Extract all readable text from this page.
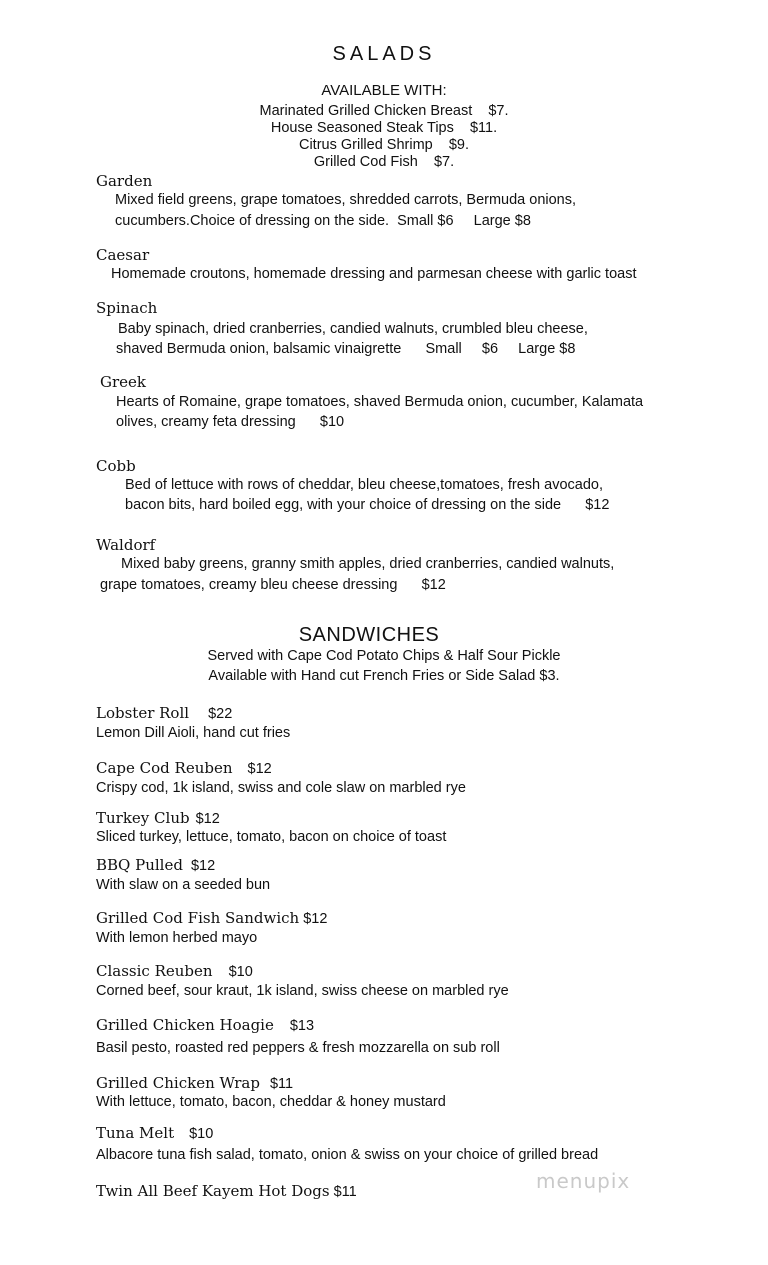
SALADS
AVAILABLE WITH:
Marinated Grilled Chicken Breast    $7.
House Seasoned Steak Tips    $11.
Citrus Grilled Shrimp    $9.
Grilled Cod Fish    $7.
Garden
Mixed field greens, grape tomatoes, shredded carrots, Bermuda onions,
cucumbers.Choice of dressing on the side.  Small $6     Large $8
Caesar
Homemade croutons, homemade dressing and parmesan cheese with garlic toast
Spinach
Baby spinach, dried cranberries, candied walnuts, crumbled bleu cheese,
shaved Bermuda onion, balsamic vinaigrette      Small     $6     Large $8
Greek
Hearts of Romaine, grape tomatoes, shaved Bermuda onion, cucumber, Kalamata
olives, creamy feta dressing      $10
Cobb
Bed of lettuce with rows of cheddar, bleu cheese,tomatoes, fresh avocado,
bacon bits, hard boiled egg, with your choice of dressing on the side      $12
Waldorf
Mixed baby greens, granny smith apples, dried cranberries, candied walnuts,
grape tomatoes, creamy bleu cheese dressing      $12
SANDWICHES
Served with Cape Cod Potato Chips & Half Sour Pickle
Available with Hand cut French Fries or Side Salad $3.
Lobster Roll $22
Lemon Dill Aioli, hand cut fries
Cape Cod Reuben $12
Crispy cod, 1k island, swiss and cole slaw on marbled rye
Turkey Club $12
Sliced turkey, lettuce, tomato, bacon on choice of toast
BBQ Pulled $12
With slaw on a seeded bun
Grilled Cod Fish Sandwich $12
With lemon herbed mayo
Classic Reuben $10
Corned beef, sour kraut, 1k island, swiss cheese on marbled rye
Grilled Chicken Hoagie $13
Basil pesto, roasted red peppers & fresh mozzarella on sub roll
Grilled Chicken Wrap $11
With lettuce, tomato, bacon, cheddar & honey mustard
Tuna Melt $10
Albacore tuna fish salad, tomato, onion & swiss on your choice of grilled bread
Twin All Beef Kayem Hot Dogs $11	menupix
